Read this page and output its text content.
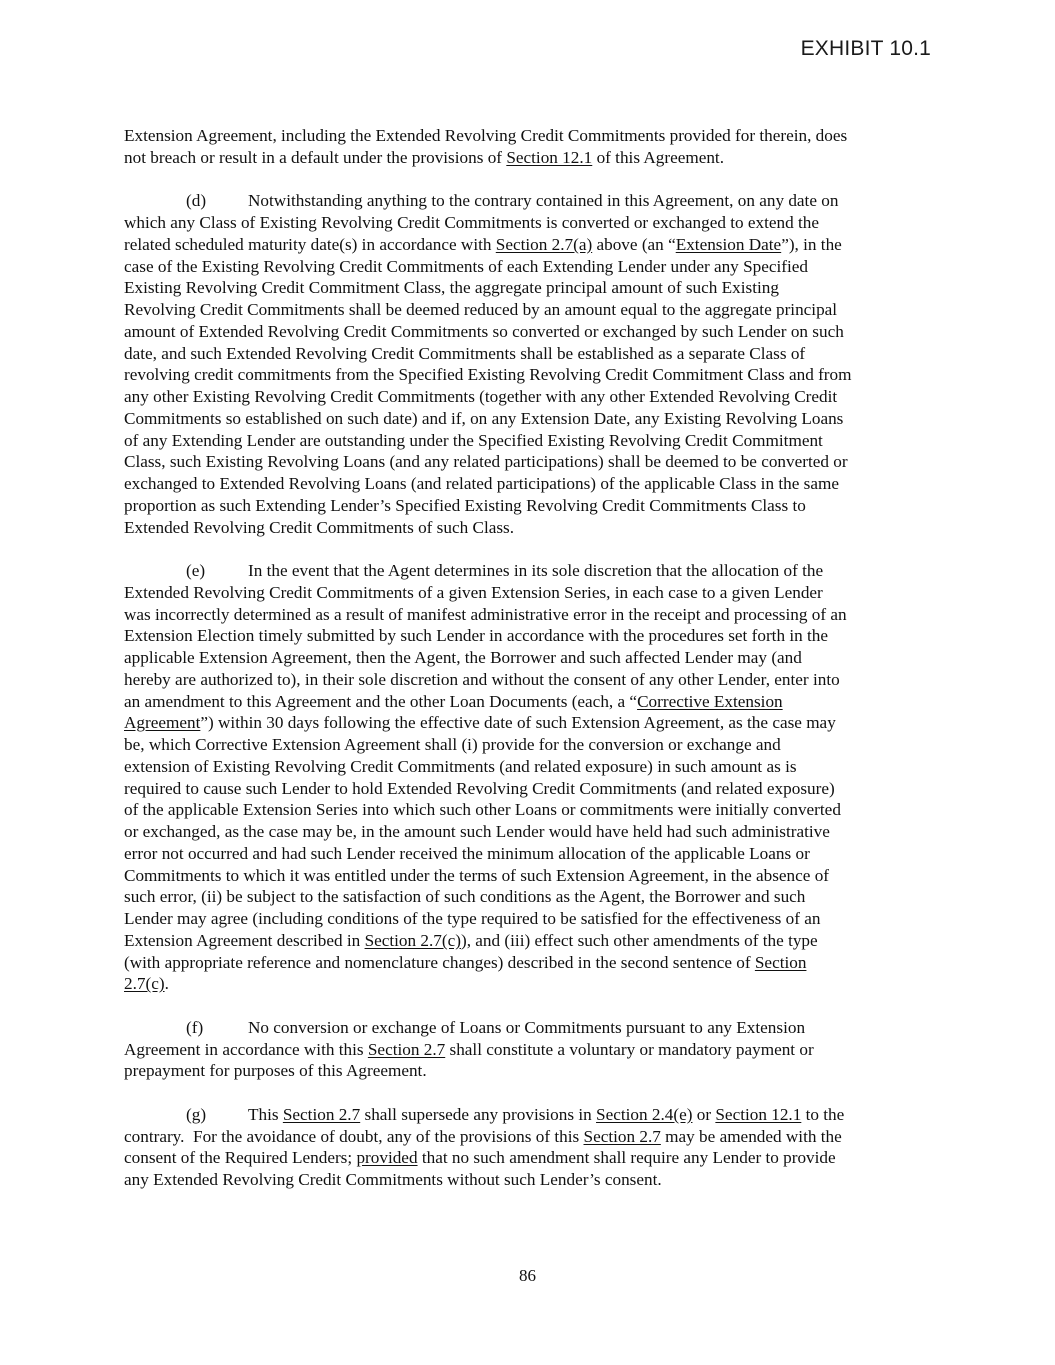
EXHIBIT 10.1

Extension Agreement, including the Extended Revolving Credit Commitments provided for therein, does
not breach or result in a default under the provisions of Section 12.1 of this Agreement.

(d) Notwithstanding anything to the contrary contained in this Agreement, on any date on
which any Class of Existing Revolving Credit Commitments is converted or exchanged to extend the
related scheduled maturity date(s) in accordance with Section 2.7(a) above (an “Extension Date”), in the
case of the Existing Revolving Credit Commitments of each Extending Lender under any Specified
Existing Revolving Credit Commitment Class, the aggregate principal amount of such Existing
Revolving Credit Commitments shall be deemed reduced by an amount equal to the aggregate principal
amount of Extended Revolving Credit Commitments so converted or exchanged by such Lender on such
date, and such Extended Revolving Credit Commitments shall be established as a separate Class of
revolving credit commitments from the Specified Existing Revolving Credit Commitment Class and from
any other Existing Revolving Credit Commitments (together with any other Extended Revolving Credit
Commitments so established on such date) and if, on any Extension Date, any Existing Revolving Loans
of any Extending Lender are outstanding under the Specified Existing Revolving Credit Commitment
Class, such Existing Revolving Loans (and any related participations) shall be deemed to be converted or
exchanged to Extended Revolving Loans (and related participations) of the applicable Class in the same
proportion as such Extending Lender’s Specified Existing Revolving Credit Commitments Class to
Extended Revolving Credit Commitments of such Class.

(e) In the event that the Agent determines in its sole discretion that the allocation of the
Extended Revolving Credit Commitments of a given Extension Series, in each case to a given Lender
was incorrectly determined as a result of manifest administrative error in the receipt and processing of an
Extension Election timely submitted by such Lender in accordance with the procedures set forth in the
applicable Extension Agreement, then the Agent, the Borrower and such affected Lender may (and
hereby are authorized to), in their sole discretion and without the consent of any other Lender, enter into
an amendment to this Agreement and the other Loan Documents (each, a “Corrective Extension
Agreement”) within 30 days following the effective date of such Extension Agreement, as the case may
be, which Corrective Extension Agreement shall (i) provide for the conversion or exchange and
extension of Existing Revolving Credit Commitments (and related exposure) in such amount as is
required to cause such Lender to hold Extended Revolving Credit Commitments (and related exposure)
of the applicable Extension Series into which such other Loans or commitments were initially converted
or exchanged, as the case may be, in the amount such Lender would have held had such administrative
error not occurred and had such Lender received the minimum allocation of the applicable Loans or
Commitments to which it was entitled under the terms of such Extension Agreement, in the absence of
such error, (ii) be subject to the satisfaction of such conditions as the Agent, the Borrower and such
Lender may agree (including conditions of the type required to be satisfied for the effectiveness of an
Extension Agreement described in Section 2.7(c)), and (iii) effect such other amendments of the type
(with appropriate reference and nomenclature changes) described in the second sentence of Section
2.7(c).

(f)	No conversion or exchange of Loans or Commitments pursuant to any Extension
Agreement in accordance with this Section 2.7 shall constitute a voluntary or mandatory payment or
prepayment for purposes of this Agreement.

(g) This Section 2.7 shall supersede any provisions in Section 2.4(e) or Section 12.1 to the
contrary.  For the avoidance of doubt, any of the provisions of this Section 2.7 may be amended with the
consent of the Required Lenders; provided that no such amendment shall require any Lender to provide
any Extended Revolving Credit Commitments without such Lender’s consent.

86
